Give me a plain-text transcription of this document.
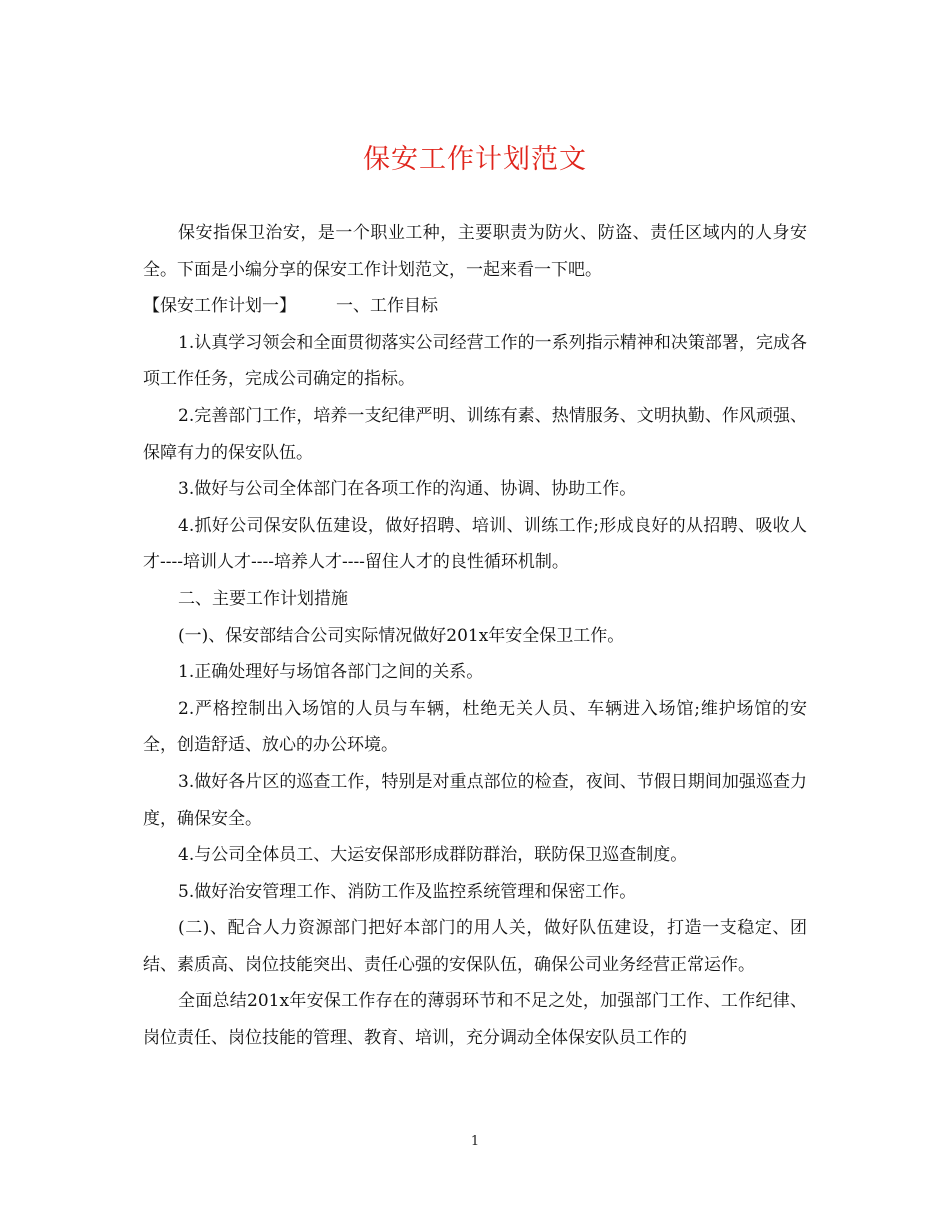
保安工作计划范文

保安指保卫治安，是一个职业工种，主要职责为防火、防盗、责任区域内的人身安全。下面是小编分享的保安工作计划范文，一起来看一下吧。

【保安工作计划一】 一、工作目标

1.认真学习领会和全面贯彻落实公司经营工作的一系列指示精神和决策部署，完成各项工作任务，完成公司确定的指标。

2.完善部门工作，培养一支纪律严明、训练有素、热情服务、文明执勤、作风顽强、保障有力的保安队伍。

3.做好与公司全体部门在各项工作的沟通、协调、协助工作。

4.抓好公司保安队伍建设，做好招聘、培训、训练工作;形成良好的从招聘、吸收人才----培训人才----培养人才----留住人才的良性循环机制。

二、主要工作计划措施

(一)、保安部结合公司实际情况做好201x年安全保卫工作。

1.正确处理好与场馆各部门之间的关系。

2.严格控制出入场馆的人员与车辆，杜绝无关人员、车辆进入场馆;维护场馆的安全，创造舒适、放心的办公环境。

3.做好各片区的巡查工作，特别是对重点部位的检查，夜间、节假日期间加强巡查力度，确保安全。

4.与公司全体员工、大运安保部形成群防群治，联防保卫巡查制度。

5.做好治安管理工作、消防工作及监控系统管理和保密工作。

(二)、配合人力资源部门把好本部门的用人关，做好队伍建设，打造一支稳定、团结、素质高、岗位技能突出、责任心强的安保队伍，确保公司业务经营正常运作。

全面总结201x年安保工作存在的薄弱环节和不足之处，加强部门工作、工作纪律、岗位责任、岗位技能的管理、教育、培训，充分调动全体保安队员工作的

1
